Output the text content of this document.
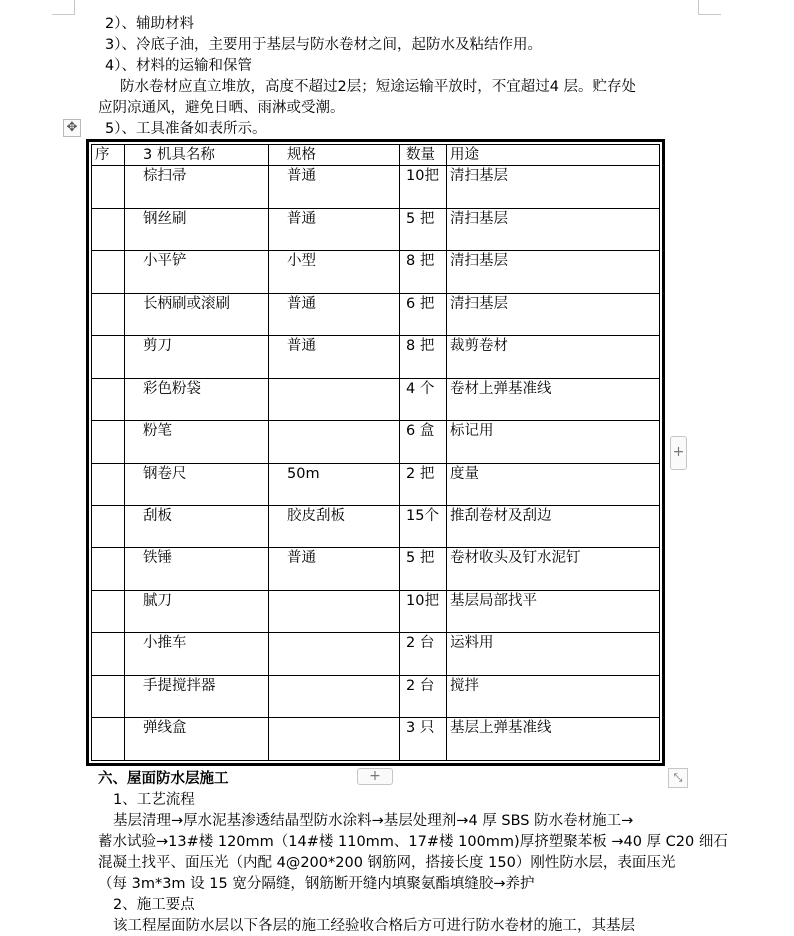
2）、辅助材料
3）、冷底子油，主要用于基层与防水卷材之间，起防水及粘结作用。
4）、材料的运输和保管
防水卷材应直立堆放，高度不超过2层；短途运输平放时，不宜超过4 层。贮存处
应阴凉通风，避免日晒、雨淋或受潮。
5）、工具准备如表所示。
✥
序	3 机具名称	规格	数量	用途
	棕扫帚	普通	10把	清扫基层
	钢丝刷	普通	5 把	清扫基层
	小平铲	小型	8 把	清扫基层
	长柄刷或滚刷	普通	6 把	清扫基层
	剪刀	普通	8 把	裁剪卷材
	彩色粉袋		4 个	卷材上弹基准线
	粉笔		6 盒	标记用
	钢卷尺	50m	2 把	度量
	刮板	胶皮刮板	15个	推刮卷材及刮边
	铁锤	普通	5 把	卷材收头及钉水泥钉
	腻刀		10把	基层局部找平
	小推车		2 台	运料用
	手提搅拌器		2 台	搅拌
	弹线盒		3 只	基层上弹基准线
+
+	⤡
六、屋面防水层施工
1、工艺流程
基层清理→厚水泥基渗透结晶型防水涂料→基层处理剂→4 厚 SBS 防水卷材施工→
蓄水试验→13#楼 120mm（14#楼 110mm、17#楼 100mm)厚挤塑聚苯板 →40 厚 C20 细石
混凝土找平、面压光（内配 4@200*200 钢筋网，搭接长度 150）刚性防水层，表面压光
（每 3m*3m 设 15 宽分隔缝，钢筋断开缝内填聚氨酯填缝胶→养护
2、施工要点
该工程屋面防水层以下各层的施工经验收合格后方可进行防水卷材的施工，其基层
